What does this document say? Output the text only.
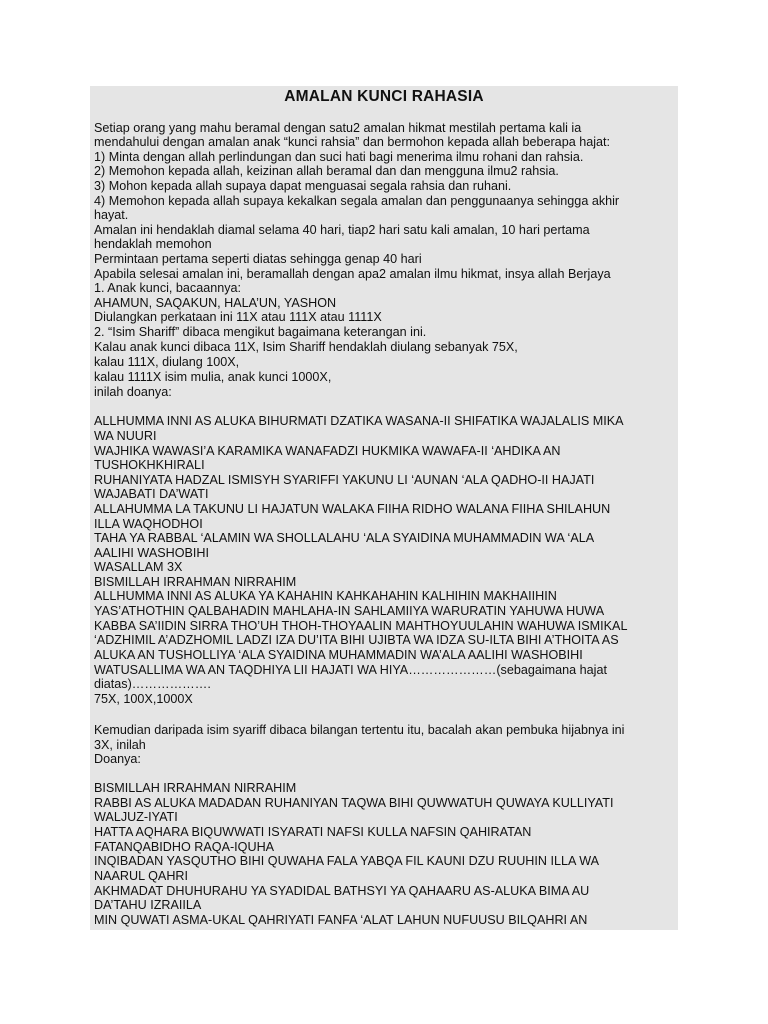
AMALAN KUNCI RAHASIA
Setiap orang yang mahu beramal dengan satu2 amalan hikmat mestilah pertama kali ia
mendahului dengan amalan anak “kunci rahsia” dan bermohon kepada allah beberapa hajat:
1) Minta dengan allah perlindungan dan suci hati bagi menerima ilmu rohani dan rahsia.
2) Memohon kepada allah, keizinan allah beramal dan dan mengguna ilmu2 rahsia.
3) Mohon kepada allah supaya dapat menguasai segala rahsia dan ruhani.
4) Memohon kepada allah supaya kekalkan segala amalan dan penggunaanya sehingga akhir
hayat.
Amalan ini hendaklah diamal selama 40 hari, tiap2 hari satu kali amalan, 10 hari pertama
hendaklah memohon
Permintaan pertama seperti diatas sehingga genap 40 hari
Apabila selesai amalan ini, beramallah dengan apa2 amalan ilmu hikmat, insya allah Berjaya
1. Anak kunci, bacaannya:
AHAMUN, SAQAKUN, HALA’UN, YASHON
Diulangkan perkataan ini 11X atau 111X atau 1111X
2. “Isim Shariff” dibaca mengikut bagaimana keterangan ini.
Kalau anak kunci dibaca 11X, Isim Shariff hendaklah diulang sebanyak 75X,
kalau 111X, diulang 100X,
kalau 1111X isim mulia, anak kunci 1000X,
inilah doanya:
ALLHUMMA INNI AS ALUKA BIHURMATI DZATIKA WASANA-II SHIFATIKA WAJALALIS MIKA
WA NUURI
WAJHIKA WAWASI’A KARAMIKA WANAFADZI HUKMIKA WAWAFA-II ‘AHDIKA AN
TUSHOKHKHIRALI
RUHANIYATA HADZAL ISMISYH SYARIFFI YAKUNU LI ‘AUNAN ‘ALA QADHO-II HAJATI
WAJABATI DA’WATI
ALLAHUMMA LA TAKUNU LI HAJATUN WALAKA FIIHA RIDHO WALANA FIIHA SHILAHUN
ILLA WAQHODHOI
TAHA YA RABBAL ‘ALAMIN WA SHOLLALAHU ‘ALA SYAIDINA MUHAMMADIN WA ‘ALA
AALIHI WASHOBIHI
WASALLAM 3X
BISMILLAH IRRAHMAN NIRRAHIM
ALLHUMMA INNI AS ALUKA YA KAHAHIN KAHKAHAHIN KALHIHIN MAKHAIIHIN
YAS’ATHOTHIN QALBAHADIN MAHLAHA-IN SAHLAMIIYA WARURATIN YAHUWA HUWA
KABBA SA’IIDIN SIRRA THO’UH THOH-THOYAALIN MAHTHOYUULAHIN WAHUWA ISMIKAL
‘ADZHIMIL A’ADZHOMIL LADZI IZA DU’ITA BIHI UJIBTA WA IDZA SU-ILTA BIHI A’THOITA AS
ALUKA AN TUSHOLLIYA ‘ALA SYAIDINA MUHAMMADIN WA’ALA AALIHI WASHOBIHI
WATUSALLIMA WA AN TAQDHIYA LII HAJATI WA HIYA…………………(sebagaimana hajat
diatas)……………….
75X, 100X,1000X
Kemudian daripada isim syariff dibaca bilangan tertentu itu, bacalah akan pembuka hijabnya ini
3X, inilah
Doanya:
BISMILLAH IRRAHMAN NIRRAHIM
RABBI AS ALUKA MADADAN RUHANIYAN TAQWA BIHI QUWWATUH QUWAYA KULLIYATI
WALJUZ-IYATI
HATTA AQHARA BIQUWWATI ISYARATI NAFSI KULLA NAFSIN QAHIRATAN
FATANQABIDHO RAQA-IQUHA
INQIBADAN YASQUTHO BIHI QUWAHA FALA YABQA FIL KAUNI DZU RUUHIN ILLA WA
NAARUL QAHRI
AKHMADAT DHUHURAHU YA SYADIDAL BATHSYI YA QAHAARU AS-ALUKA BIMA AU
DA’TAHU IZRAIILA
MIN QUWATI ASMA-UKAL QAHRIYATI FANFA ‘ALAT LAHUN NUFUUSU BILQAHRI AN
